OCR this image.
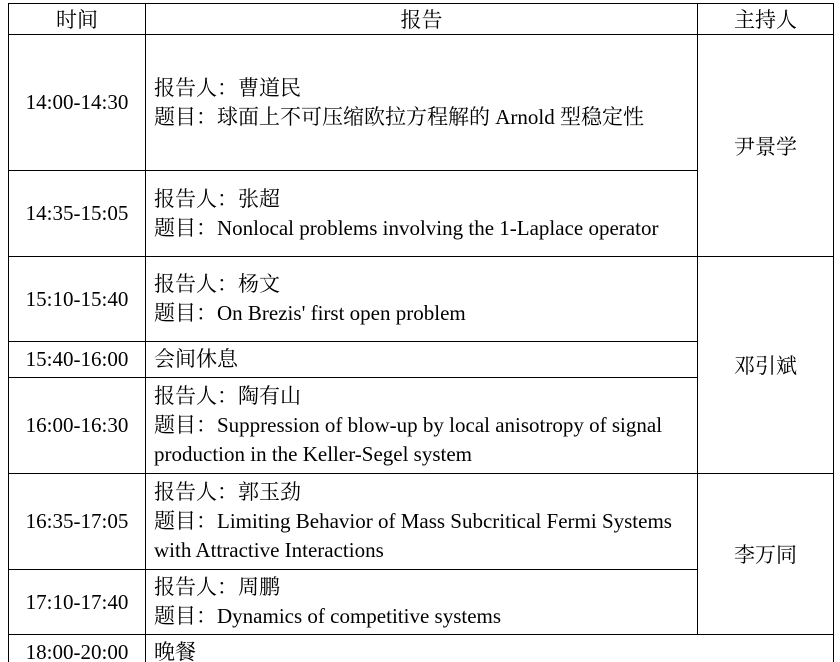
时间	报告	主持人
14:00-14:30	报告人：曹道民
题目：球面上不可压缩欧拉方程解的 Arnold 型稳定性	尹景学
14:35-15:05	报告人：张超
题目：Nonlocal problems involving the 1-Laplace operator	

15:10-15:40	报告人：杨文
题目：On Brezis' first open problem	邓引斌
15:40-16:00	会间休息	
16:00-16:30	报告人：陶有山
题目：Suppression of blow-up by local anisotropy of signal production in the Keller-Segel system	

16:35-17:05	报告人：郭玉劲
题目：Limiting Behavior of Mass Subcritical Fermi Systems with Attractive Interactions	李万同
17:10-17:40	报告人：周鹏
题目：Dynamics of competitive systems	

18:00-20:00	晚餐	
